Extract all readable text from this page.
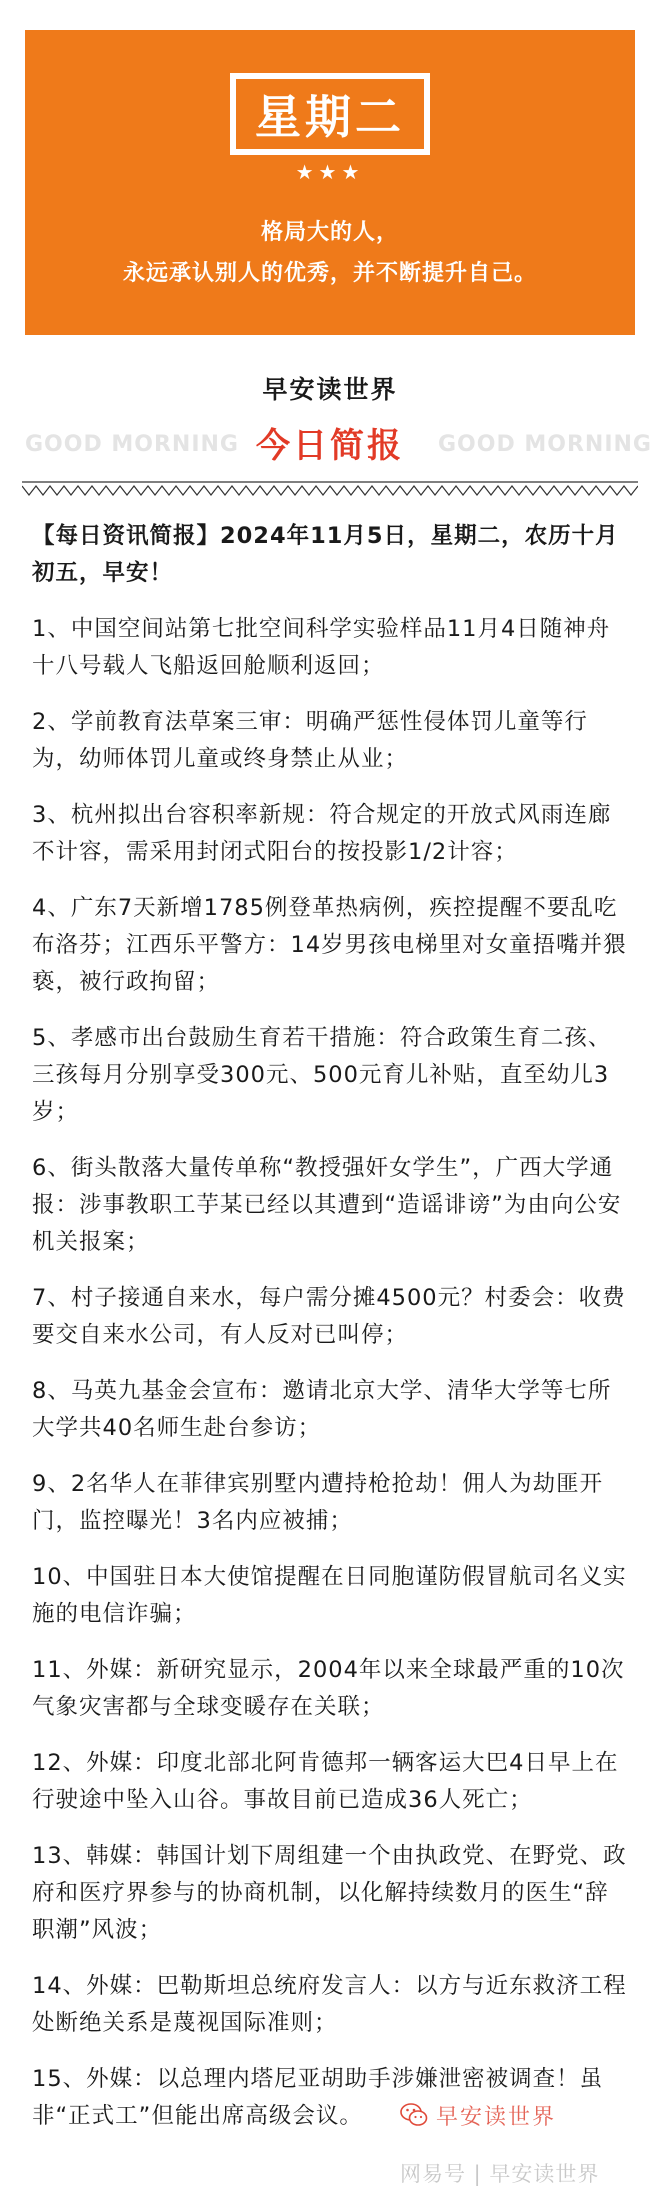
星期二
★★★
格局大的人，
永远承认别人的优秀，并不断提升自己。
早安读世界
GOOD MORNING 今日简报	GOOD MORNING
【每日资讯简报】2024年11月5日，星期二，农历十月初五，早安！
1、中国空间站第七批空间科学实验样品11月4日随神舟十八号载人飞船返回舱顺利返回；
2、学前教育法草案三审：明确严惩性侵体罚儿童等行为，幼师体罚儿童或终身禁止从业；
3、杭州拟出台容积率新规：符合规定的开放式风雨连廊不计容，需采用封闭式阳台的按投影1/2计容；
4、广东7天新增1785例登革热病例，疾控提醒不要乱吃布洛芬；江西乐平警方：14岁男孩电梯里对女童捂嘴并猥亵，被行政拘留；
5、孝感市出台鼓励生育若干措施：符合政策生育二孩、三孩每月分别享受300元、500元育儿补贴，直至幼儿3岁；
6、街头散落大量传单称“教授强奸女学生”，广西大学通报：涉事教职工芋某已经以其遭到“造谣诽谤”为由向公安机关报案；
7、村子接通自来水，每户需分摊4500元？村委会：收费要交自来水公司，有人反对已叫停；
8、马英九基金会宣布：邀请北京大学、清华大学等七所大学共40名师生赴台参访；
9、2名华人在菲律宾别墅内遭持枪抢劫！佣人为劫匪开门，监控曝光！3名内应被捕；
10、中国驻日本大使馆提醒在日同胞谨防假冒航司名义实施的电信诈骗；
11、外媒：新研究显示，2004年以来全球最严重的10次气象灾害都与全球变暖存在关联；
12、外媒：印度北部北阿肯德邦一辆客运大巴4日早上在行驶途中坠入山谷。事故目前已造成36人死亡；
13、韩媒：韩国计划下周组建一个由执政党、在野党、政府和医疗界参与的协商机制，以化解持续数月的医生“辞职潮”风波；
14、外媒：巴勒斯坦总统府发言人：以方与近东救济工程处断绝关系是蔑视国际准则；
15、外媒：以总理内塔尼亚胡助手涉嫌泄密被调查！虽非“正式工”但能出席高级会议。	早安读世界
网易号 | 早安读世界
